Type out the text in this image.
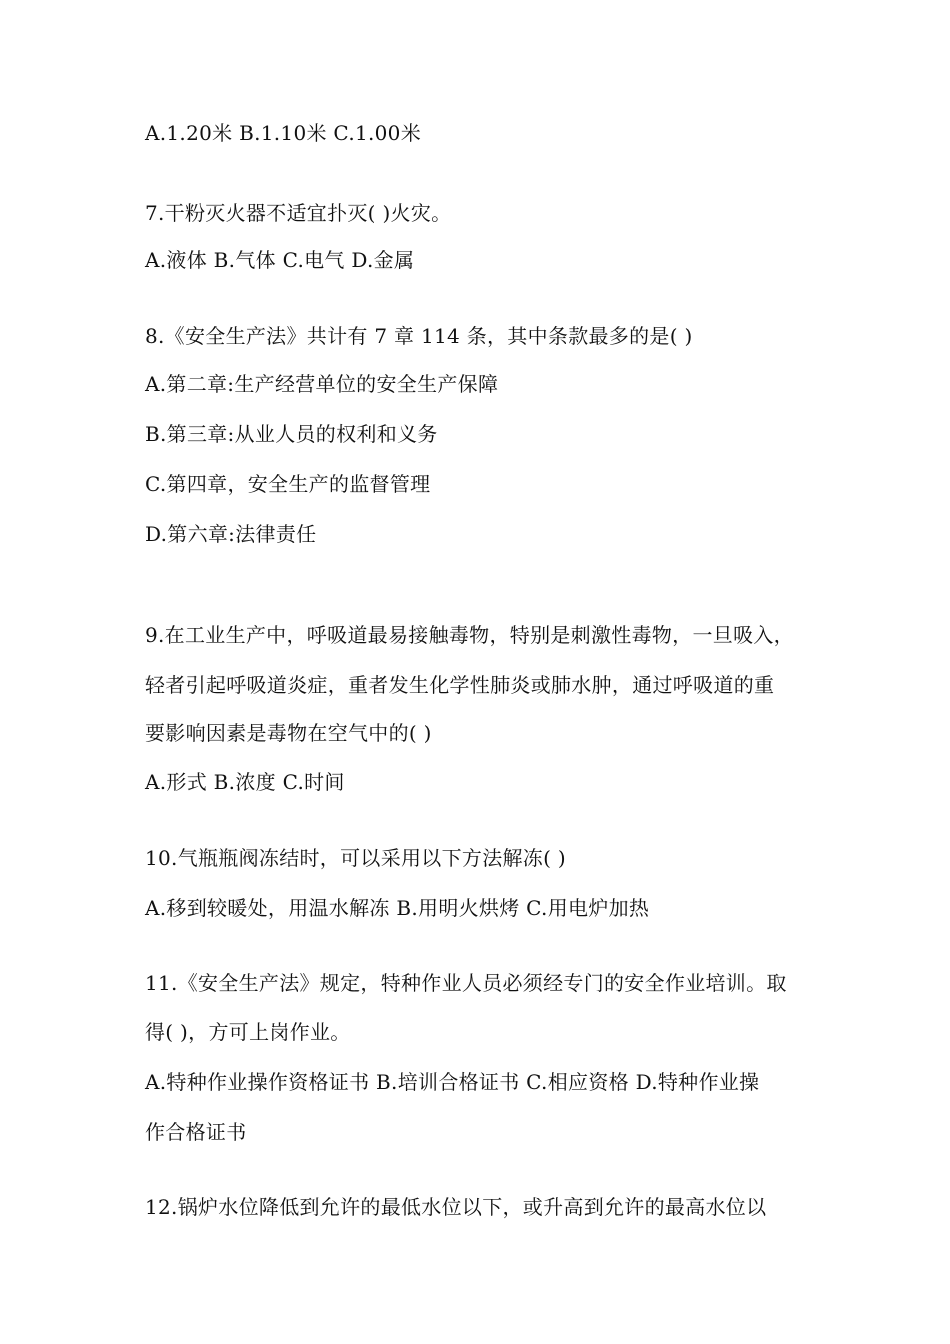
A.1.20米 B.1.10米 C.1.00米
7.干粉灭火器不适宜扑灭( )火灾。
A.液体 B.气体 C.电气 D.金属
8.《安全生产法》共计有 7 章 114 条，其中条款最多的是( )
A.第二章:生产经营单位的安全生产保障
B.第三章:从业人员的权利和义务
C.第四章，安全生产的监督管理
D.第六章:法律责任
9.在工业生产中，呼吸道最易接触毒物，特别是刺激性毒物，一旦吸入，
轻者引起呼吸道炎症，重者发生化学性肺炎或肺水肿，通过呼吸道的重
要影响因素是毒物在空气中的( )
A.形式 B.浓度 C.时间
10.气瓶瓶阀冻结时，可以采用以下方法解冻( )
A.移到较暖处，用温水解冻 B.用明火烘烤 C.用电炉加热
11.《安全生产法》规定，特种作业人员必须经专门的安全作业培训。取
得( )，方可上岗作业。
A.特种作业操作资格证书 B.培训合格证书 C.相应资格 D.特种作业操
作合格证书
12.锅炉水位降低到允许的最低水位以下，或升高到允许的最高水位以
